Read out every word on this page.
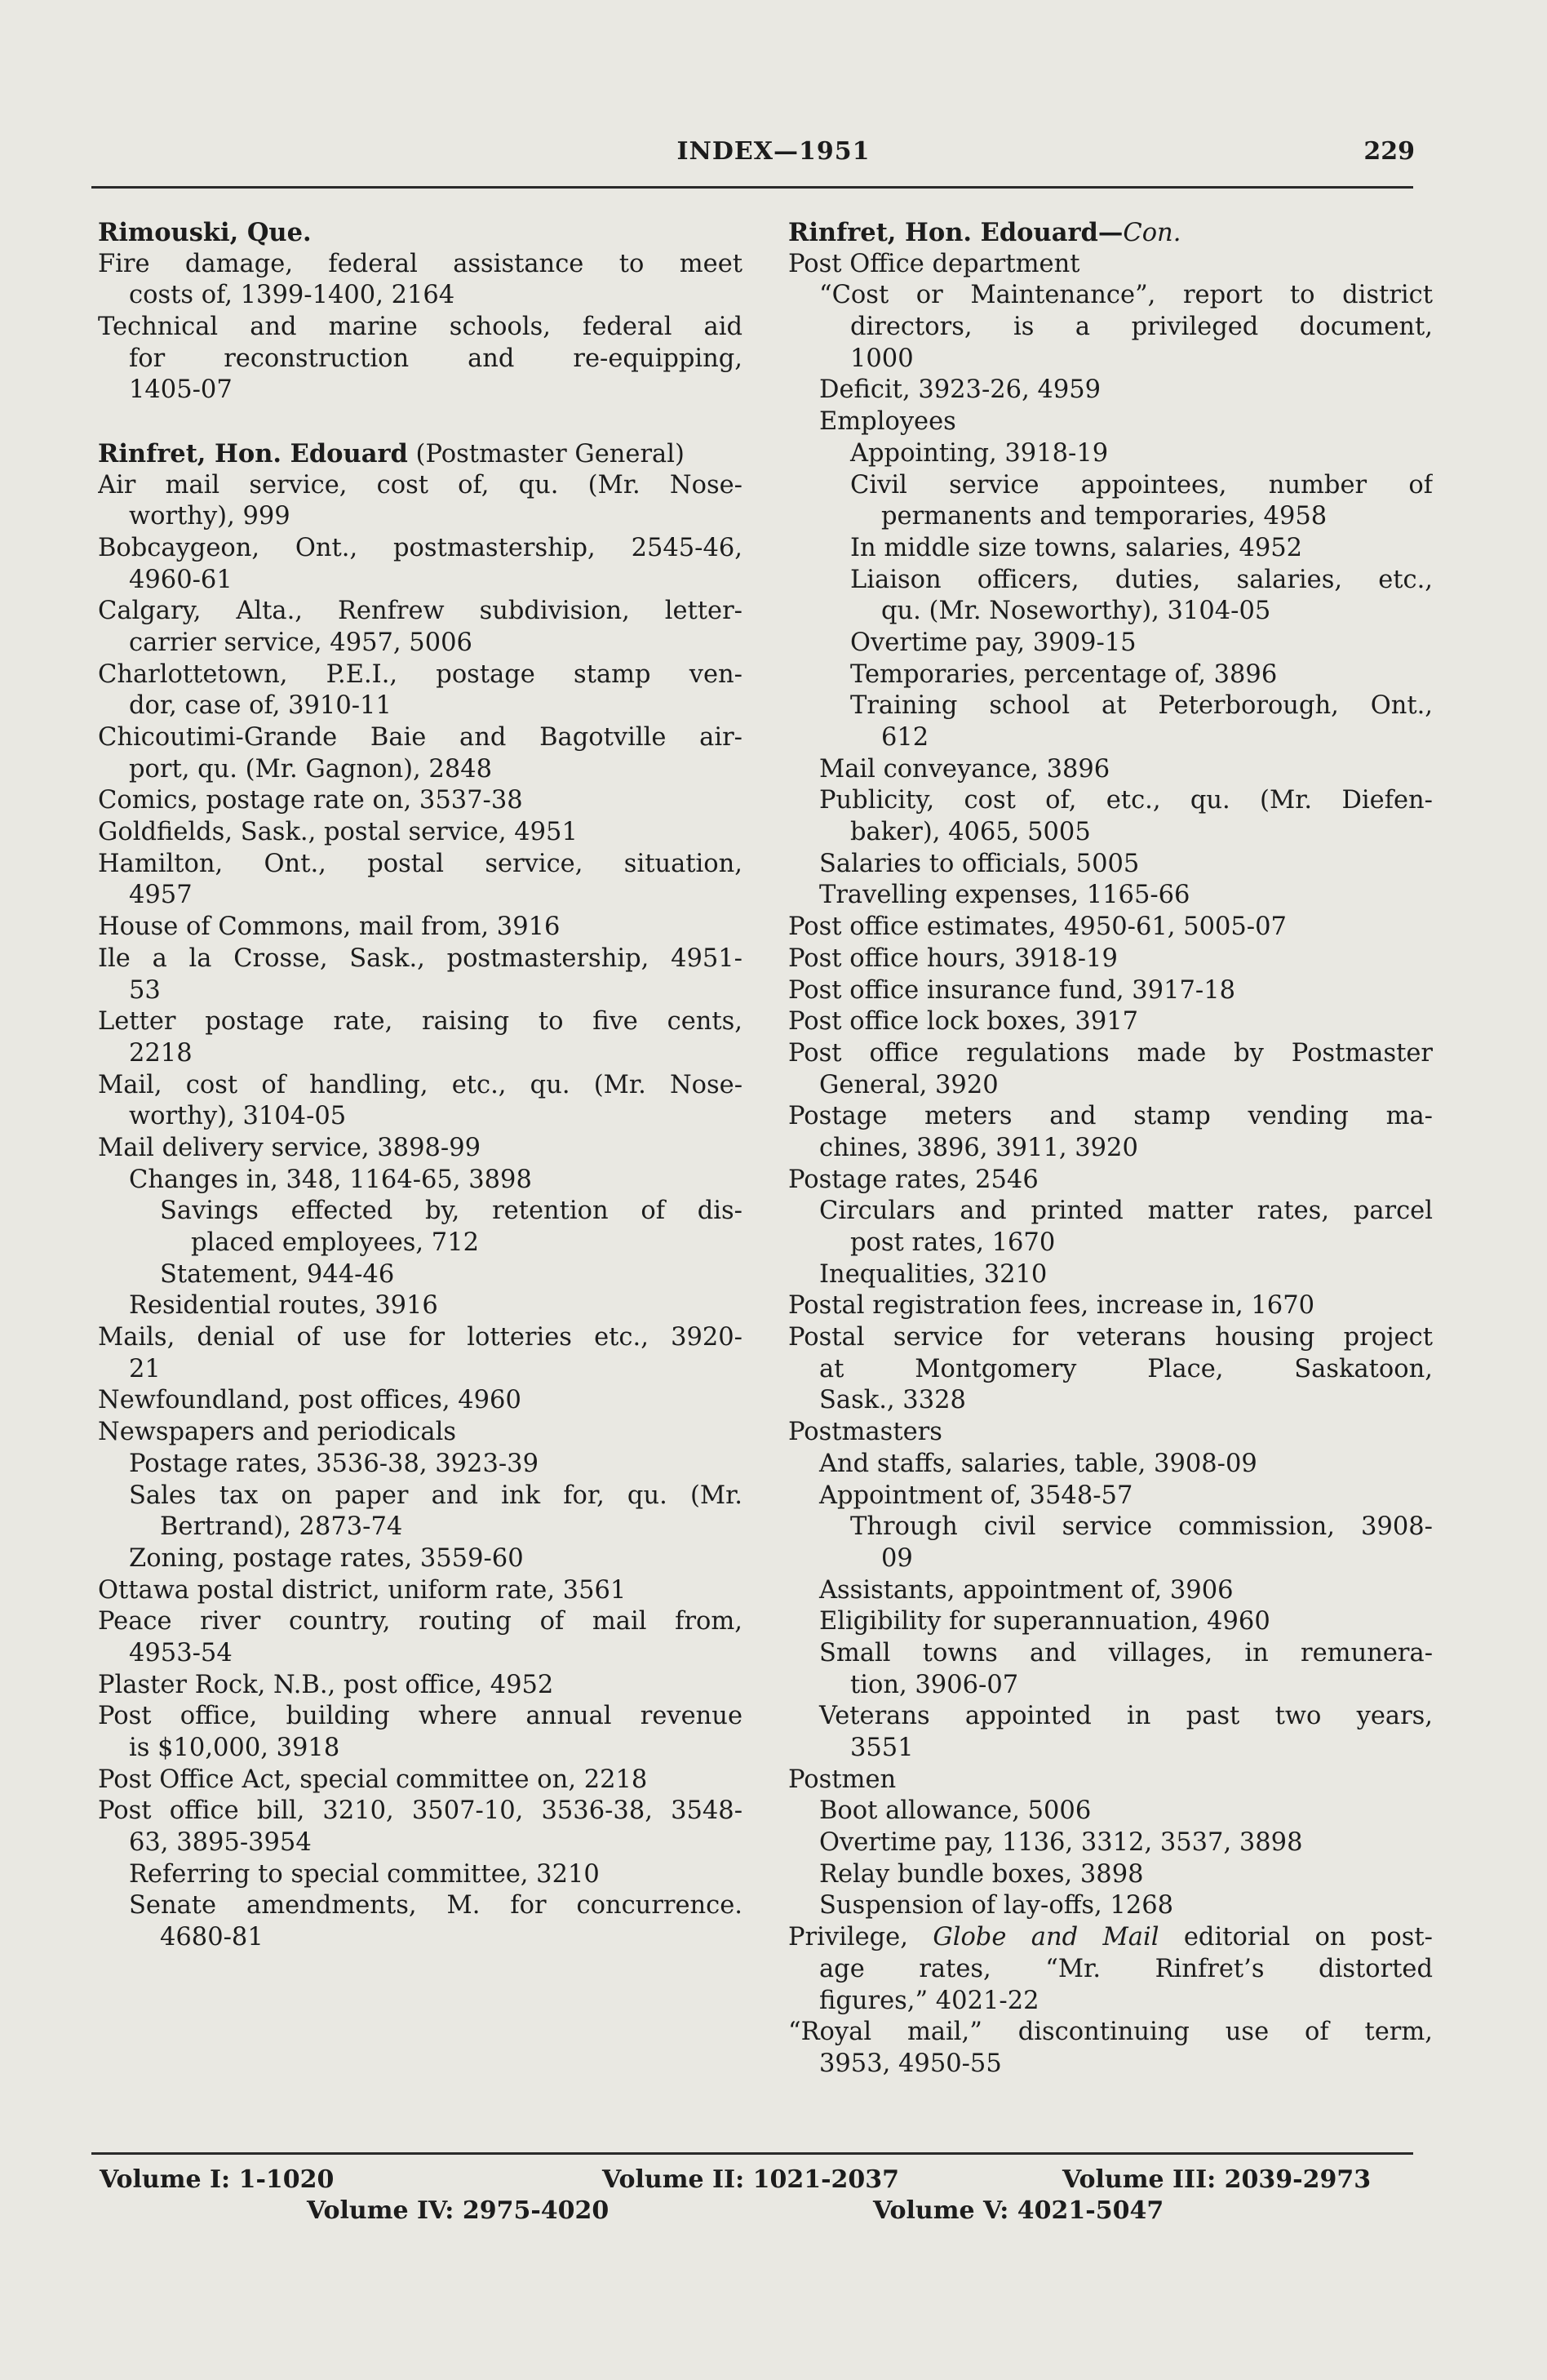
INDEX—1951	229
Rimouski, Que.
Fire damage, federal assistance to meet
costs of, 1399-1400, 2164
Technical and marine schools, federal aid
for reconstruction and re-equipping,
1405-07
Rinfret, Hon. Edouard (Postmaster General)
Air mail service, cost of, qu. (Mr. Nose-
worthy), 999
Bobcaygeon, Ont., postmastership, 2545-46,
4960-61
Calgary, Alta., Renfrew subdivision, letter-
carrier service, 4957, 5006
Charlottetown, P.E.I., postage stamp ven-
dor, case of, 3910-11
Chicoutimi-Grande Baie and Bagotville air-
port, qu. (Mr. Gagnon), 2848
Comics, postage rate on, 3537-38
Goldfields, Sask., postal service, 4951
Hamilton, Ont., postal service, situation,
4957
House of Commons, mail from, 3916
Ile a la Crosse, Sask., postmastership, 4951-
53
Letter postage rate, raising to five cents,
2218
Mail, cost of handling, etc., qu. (Mr. Nose-
worthy), 3104-05
Mail delivery service, 3898-99
Changes in, 348, 1164-65, 3898
Savings effected by, retention of dis-
placed employees, 712
Statement, 944-46
Residential routes, 3916
Mails, denial of use for lotteries etc., 3920-
21
Newfoundland, post offices, 4960
Newspapers and periodicals
Postage rates, 3536-38, 3923-39
Sales tax on paper and ink for, qu. (Mr.
Bertrand), 2873-74
Zoning, postage rates, 3559-60
Ottawa postal district, uniform rate, 3561
Peace river country, routing of mail from,
4953-54
Plaster Rock, N.B., post office, 4952
Post office, building where annual revenue
is $10,000, 3918
Post Office Act, special committee on, 2218
Post office bill, 3210, 3507-10, 3536-38, 3548-
63, 3895-3954
Referring to special committee, 3210
Senate amendments, M. for concurrence.
4680-81
Rinfret, Hon. Edouard—Con.
Post Office department
“Cost or Maintenance”, report to district
directors, is a privileged document,
1000
Deficit, 3923-26, 4959
Employees
Appointing, 3918-19
Civil service appointees, number of
permanents and temporaries, 4958
In middle size towns, salaries, 4952
Liaison officers, duties, salaries, etc.,
qu. (Mr. Noseworthy), 3104-05
Overtime pay, 3909-15
Temporaries, percentage of, 3896
Training school at Peterborough, Ont.,
612
Mail conveyance, 3896
Publicity, cost of, etc., qu. (Mr. Diefen-
baker), 4065, 5005
Salaries to officials, 5005
Travelling expenses, 1165-66
Post office estimates, 4950-61, 5005-07
Post office hours, 3918-19
Post office insurance fund, 3917-18
Post office lock boxes, 3917
Post office regulations made by Postmaster
General, 3920
Postage meters and stamp vending ma-
chines, 3896, 3911, 3920
Postage rates, 2546
Circulars and printed matter rates, parcel
post rates, 1670
Inequalities, 3210
Postal registration fees, increase in, 1670
Postal service for veterans housing project
at Montgomery Place, Saskatoon,
Sask., 3328
Postmasters
And staffs, salaries, table, 3908-09
Appointment of, 3548-57
Through civil service commission, 3908-
09
Assistants, appointment of, 3906
Eligibility for superannuation, 4960
Small towns and villages, in remunera-
tion, 3906-07
Veterans appointed in past two years,
3551
Postmen
Boot allowance, 5006
Overtime pay, 1136, 3312, 3537, 3898
Relay bundle boxes, 3898
Suspension of lay-offs, 1268
Privilege, Globe and Mail editorial on post-
age rates, “Mr. Rinfret’s distorted
figures,” 4021-22
“Royal mail,” discontinuing use of term,
3953, 4950-55
Volume I: 1-1020	Volume II: 1021-2037	Volume III: 2039-2973
Volume IV: 2975-4020	Volume V: 4021-5047
